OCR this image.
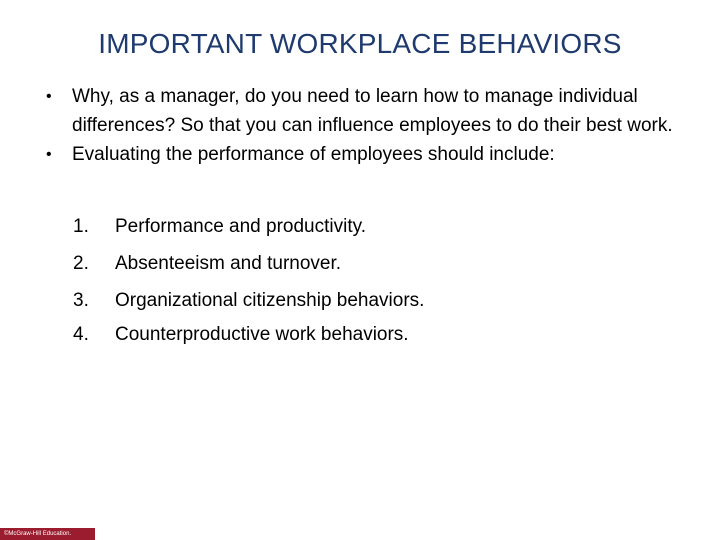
IMPORTANT WORKPLACE BEHAVIORS
• Why, as a manager, do you need to learn how to manage individual differences? So that you can influence employees to do their best work.
• Evaluating the performance of employees should include:
1. Performance and productivity.
2. Absenteeism and turnover.
3. Organizational citizenship behaviors.
4. Counterproductive work behaviors.
©McGraw-Hill Education.
